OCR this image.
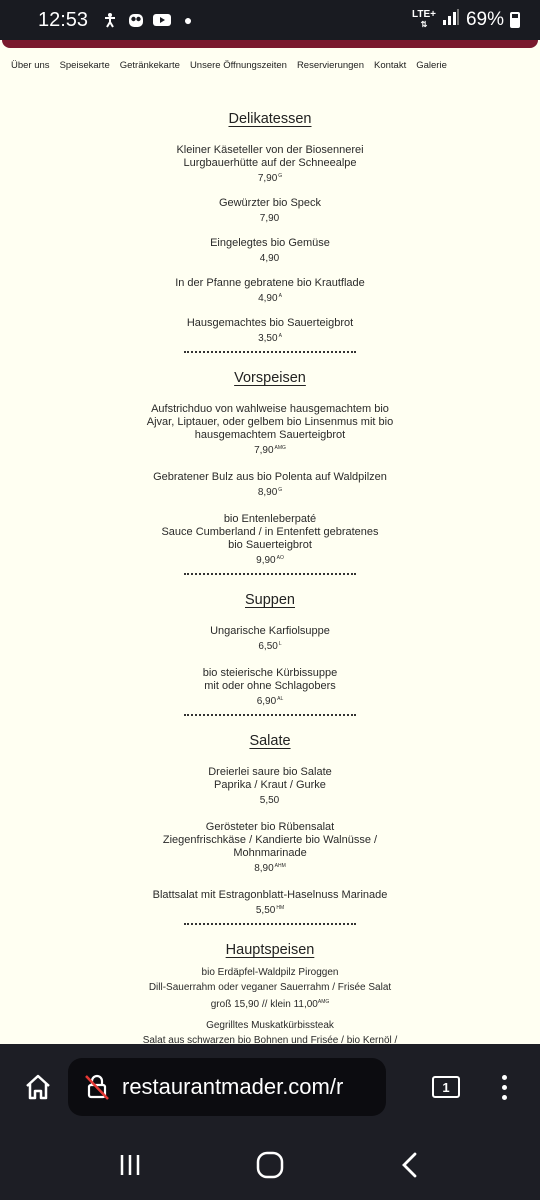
12:53	●	LTE+
⇅ 69%
Über uns Speisekarte Getränkekarte Unsere Öffnungszeiten Reservierungen Kontakt Galerie
Delikatessen
Kleiner Käseteller von der Biosennerei
Lurgbauerhütte auf der Schneealpe
$7,90^G$
Gewürzter bio Speck
7,90
Eingelegtes bio Gemüse
4,90
In der Pfanne gebratene bio Krautflade
$4,90^A$
Hausgemachtes bio Sauerteigbrot
$3,50^A$
Vorspeisen
Aufstrichduo von wahlweise hausgemachtem bio
Ajvar, Liptauer, oder gelbem bio Linsenmus mit bio
hausgemachtem Sauerteigbrot
$7,90^{AMG}$
Gebratener Bulz aus bio Polenta auf Waldpilzen
$8,90^G$
bio Entenleberpaté
Sauce Cumberland / in Entenfett gebratenes
bio Sauerteigbrot
$9,90^{AO}$
Suppen
Ungarische Karfiolsuppe
$6,50^L$
bio steierische Kürbissuppe
mit oder ohne Schlagobers
$6,90^{AL}$
Salate
Dreierlei saure bio Salate
Paprika / Kraut / Gurke
5,50
Gerösteter bio Rübensalat
Ziegenfrischkäse / Kandierte bio Walnüsse /
Mohnmarinade
$8,90^{AHM}$
Blattsalat mit Estragonblatt-Haselnuss Marinade
$5,50^{HM}$
Hauptspeisen
bio Erdäpfel-Waldpilz Piroggen
Dill-Sauerrahm oder veganer Sauerrahm / Frisée Salat
groß 15,90 // klein $11,00^{AMG}$
Gegrilltes Muskatkürbissteak
Salat aus schwarzen bio Bohnen und Frisée / bio Kernöl /

restaurantmader.com/r	1
